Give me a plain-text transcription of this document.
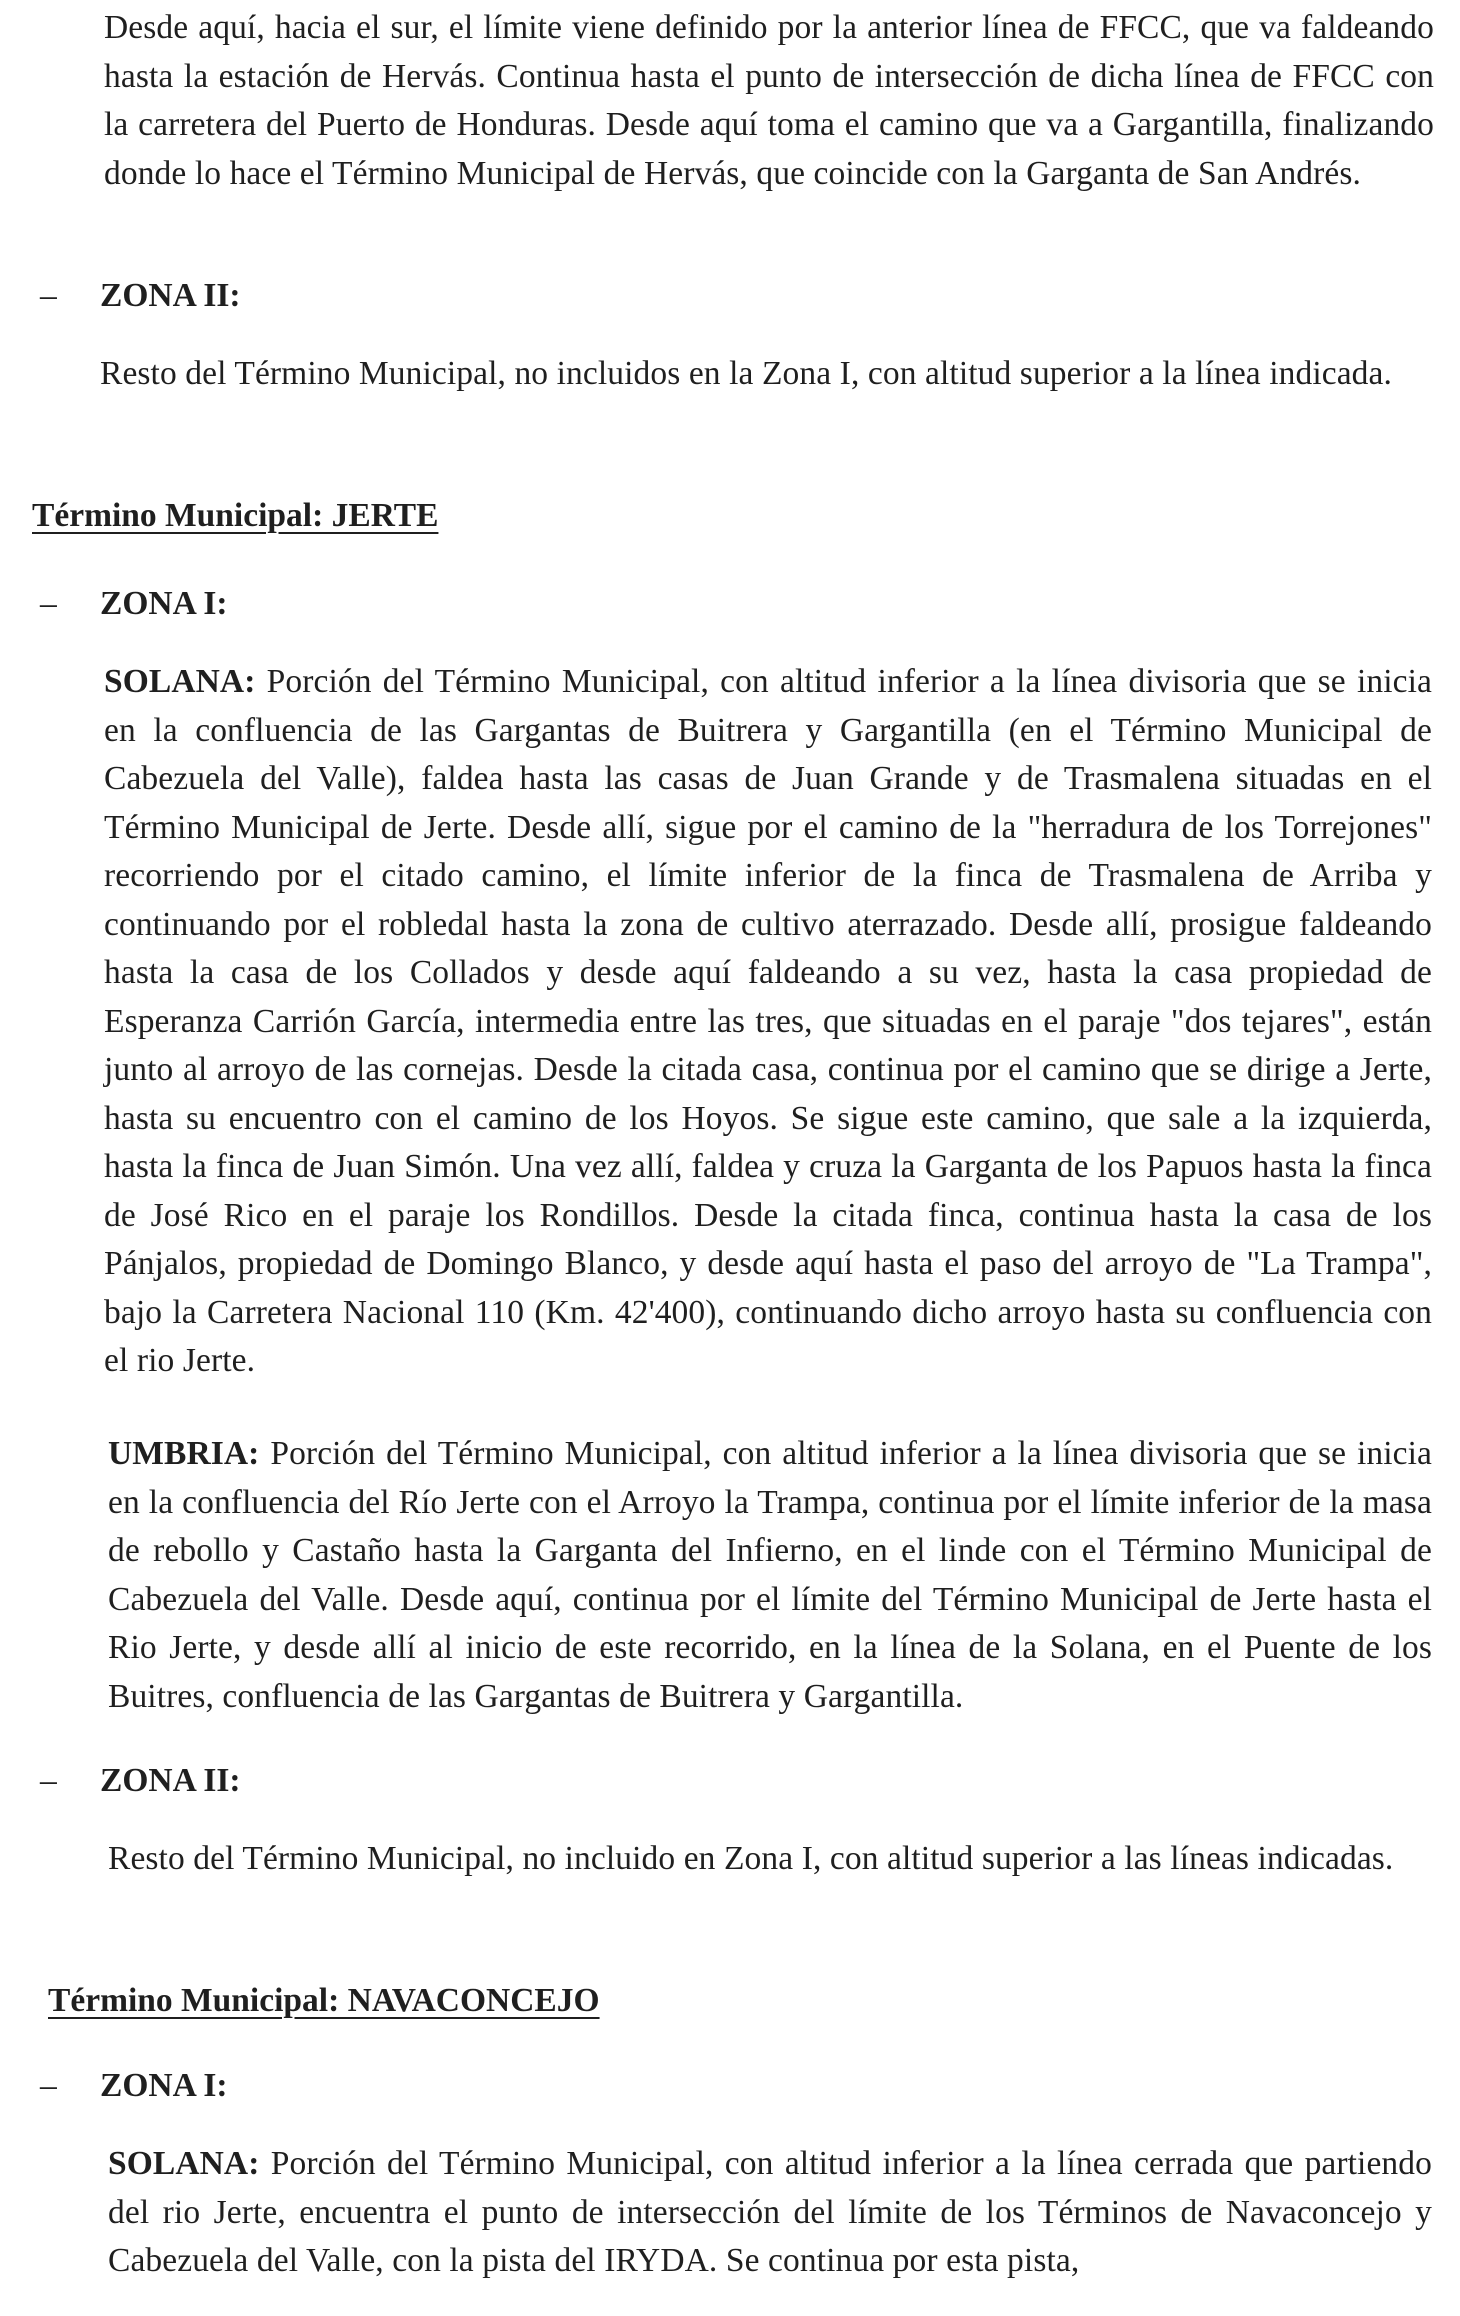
Desde aquí, hacia el sur, el límite viene definido por la anterior línea de FFCC, que va faldeando hasta la estación de Hervás. Continua hasta el punto de intersección de dicha línea de FFCC con la carretera del Puerto de Honduras. Desde aquí toma el camino que va a Gargantilla, finalizando donde lo hace el Término Municipal de Hervás, que coincide con la Garganta de San Andrés.

– ZONA II:

Resto del Término Municipal, no incluidos en la Zona I, con altitud superior a la línea indicada.

Término Municipal: JERTE
– ZONA I:

SOLANA: Porción del Término Municipal, con altitud inferior a la línea divisoria que se inicia en la confluencia de las Gargantas de Buitrera y Gargantilla (en el Término Municipal de Cabezuela del Valle), faldea hasta las casas de Juan Grande y de Trasmalena situadas en el Término Municipal de Jerte. Desde allí, sigue por el camino de la "herradura de los Torrejones" recorriendo por el citado camino, el límite inferior de la finca de Trasmalena de Arriba y continuando por el robledal hasta la zona de cultivo aterrazado. Desde allí, prosigue faldeando hasta la casa de los Collados y desde aquí faldeando a su vez, hasta la casa propiedad de Esperanza Carrión García, intermedia entre las tres, que situadas en el paraje "dos tejares", están junto al arroyo de las cornejas. Desde la citada casa, continua por el camino que se dirige a Jerte, hasta su encuentro con el camino de los Hoyos. Se sigue este camino, que sale a la izquierda, hasta la finca de Juan Simón. Una vez allí, faldea y cruza la Garganta de los Papuos hasta la finca de José Rico en el paraje los Rondillos. Desde la citada finca, continua hasta la casa de los Pánjalos, propiedad de Domingo Blanco, y desde aquí hasta el paso del arroyo de "La Trampa", bajo la Carretera Nacional 110 (Km. 42'400), continuando dicho arroyo hasta su confluencia con el rio Jerte.

UMBRIA: Porción del Término Municipal, con altitud inferior a la línea divisoria que se inicia en la confluencia del Río Jerte con el Arroyo la Trampa, continua por el límite inferior de la masa de rebollo y Castaño hasta la Garganta del Infierno, en el linde con el Término Municipal de Cabezuela del Valle. Desde aquí, continua por el límite del Término Municipal de Jerte hasta el Rio Jerte, y desde allí al inicio de este recorrido, en la línea de la Solana, en el Puente de los Buitres, confluencia de las Gargantas de Buitrera y Gargantilla.

– ZONA II:

Resto del Término Municipal, no incluido en Zona I, con altitud superior a las líneas indicadas.

Término Municipal: NAVACONCEJO
– ZONA I:

SOLANA: Porción del Término Municipal, con altitud inferior a la línea cerrada que partiendo del rio Jerte, encuentra el punto de intersección del límite de los Términos de Navaconcejo y Cabezuela del Valle, con la pista del IRYDA. Se continua por esta pista,
